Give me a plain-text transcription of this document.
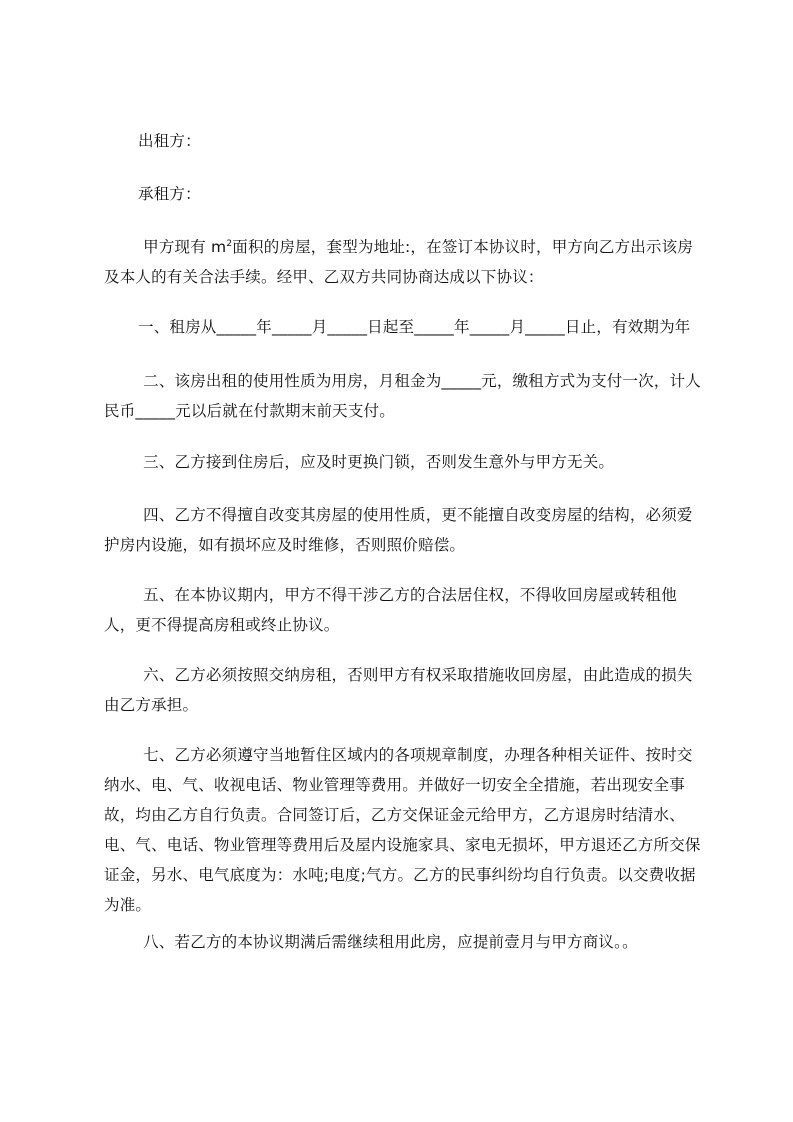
出租方：
承租方：
甲方现有 $m^2$面积的房屋，套型为地址:，在签订本协议时，甲方向乙方出示该房及本人的有关合法手续。经甲、乙双方共同协商达成以下协议：
一、租房从_____年_____月_____日起至_____年_____月_____日止，有效期为年
二、该房出租的使用性质为用房，月租金为_____元，缴租方式为支付一次，计人民币_____元以后就在付款期末前天支付。
三、乙方接到住房后，应及时更换门锁，否则发生意外与甲方无关。
四、乙方不得擅自改变其房屋的使用性质，更不能擅自改变房屋的结构，必须爱护房内设施，如有损坏应及时维修，否则照价赔偿。
五、在本协议期内，甲方不得干涉乙方的合法居住权，不得收回房屋或转租他人，更不得提高房租或终止协议。
六、乙方必须按照交纳房租，否则甲方有权采取措施收回房屋，由此造成的损失由乙方承担。
七、乙方必须遵守当地暂住区域内的各项规章制度，办理各种相关证件、按时交纳水、电、气、收视电话、物业管理等费用。并做好一切安全全措施，若出现安全事故，均由乙方自行负责。合同签订后，乙方交保证金元给甲方，乙方退房时结清水、电、气、电话、物业管理等费用后及屋内设施家具、家电无损坏，甲方退还乙方所交保证金，另水、电气底度为：水吨;电度;气方。乙方的民事纠纷均自行负责。以交费收据为准。
八、若乙方的本协议期满后需继续租用此房，应提前壹月与甲方商议。。
